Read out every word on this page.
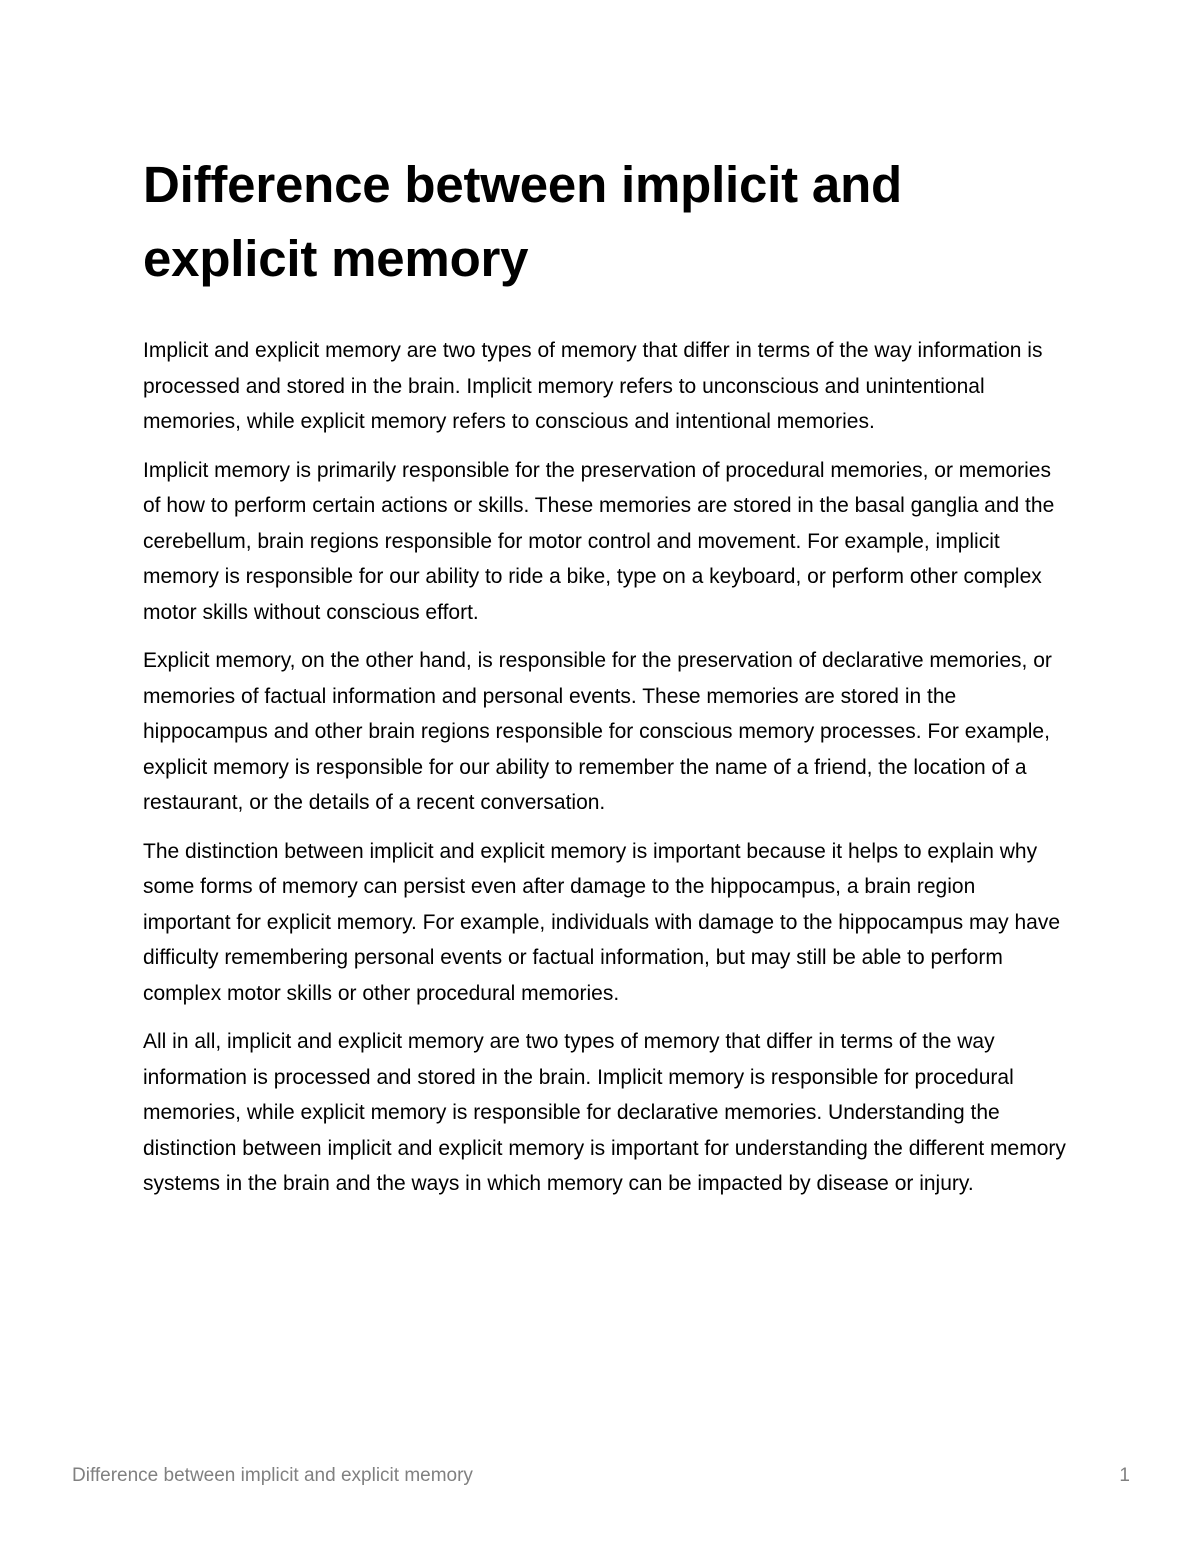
Difference between implicit and explicit memory

Implicit and explicit memory are two types of memory that differ in terms of the way information is processed and stored in the brain. Implicit memory refers to unconscious and unintentional memories, while explicit memory refers to conscious and intentional memories.

Implicit memory is primarily responsible for the preservation of procedural memories, or memories of how to perform certain actions or skills. These memories are stored in the basal ganglia and the cerebellum, brain regions responsible for motor control and movement. For example, implicit memory is responsible for our ability to ride a bike, type on a keyboard, or perform other complex motor skills without conscious effort.

Explicit memory, on the other hand, is responsible for the preservation of declarative memories, or memories of factual information and personal events. These memories are stored in the hippocampus and other brain regions responsible for conscious memory processes. For example, explicit memory is responsible for our ability to remember the name of a friend, the location of a restaurant, or the details of a recent conversation.

The distinction between implicit and explicit memory is important because it helps to explain why some forms of memory can persist even after damage to the hippocampus, a brain region important for explicit memory. For example, individuals with damage to the hippocampus may have difficulty remembering personal events or factual information, but may still be able to perform complex motor skills or other procedural memories.

All in all, implicit and explicit memory are two types of memory that differ in terms of the way information is processed and stored in the brain. Implicit memory is responsible for procedural memories, while explicit memory is responsible for declarative memories. Understanding the distinction between implicit and explicit memory is important for understanding the different memory systems in the brain and the ways in which memory can be impacted by disease or injury.

Difference between implicit and explicit memory	1
